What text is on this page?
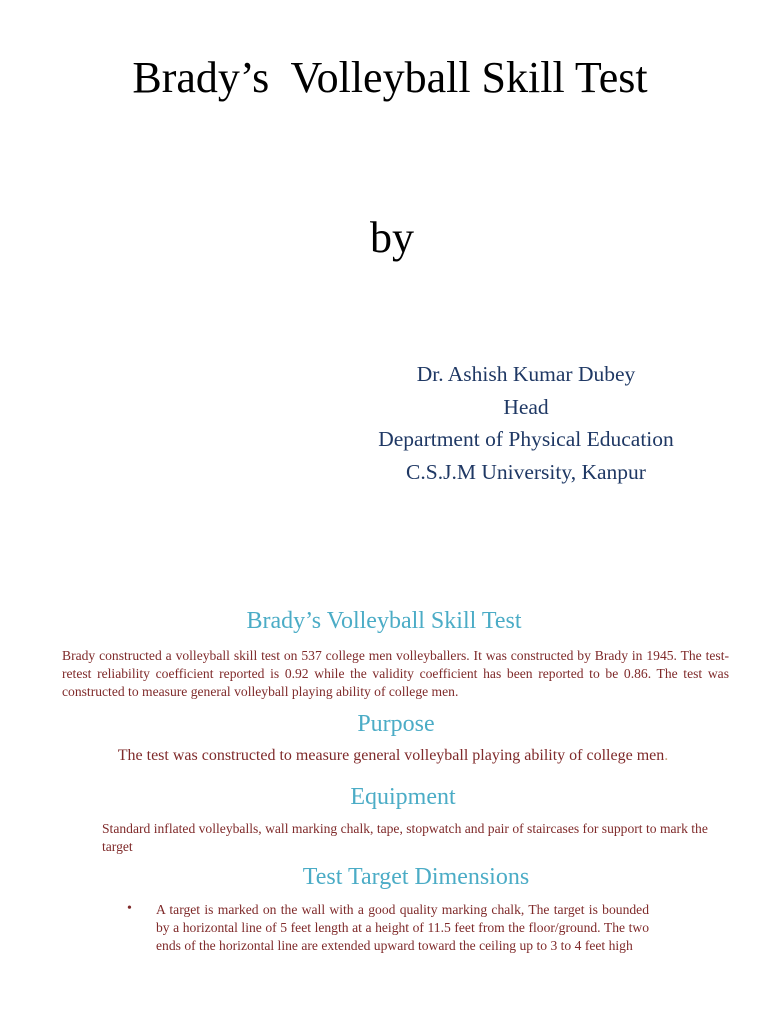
Brady’s  Volleyball Skill Test
by
Dr. Ashish Kumar Dubey
Head
Department of Physical Education
C.S.J.M University, Kanpur
Brady’s Volleyball Skill Test
Brady constructed a volleyball skill test on 537 college men volleyballers. It was constructed by Brady in 1945. The test-retest reliability coefficient reported is 0.92 while the validity coefficient has been reported to be 0.86. The test was constructed to measure general volleyball playing ability of college men.
Purpose
The test was constructed to measure general volleyball playing ability of college men.
Equipment
Standard inflated volleyballs, wall marking chalk, tape, stopwatch and pair of staircases for support to mark the target
Test Target Dimensions
• A target is marked on the wall with a good quality marking chalk, The target is bounded by a horizontal line of 5 feet length at a height of 11.5 feet from the floor/ground. The two ends of the horizontal line are extended upward toward the ceiling up to 3 to 4 feet high
